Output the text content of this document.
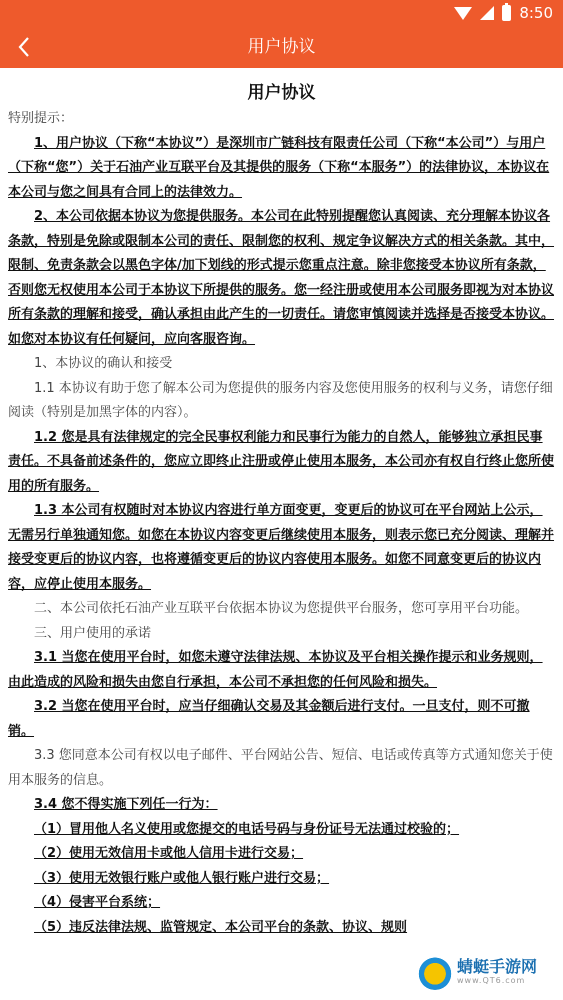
8:50
用户协议
用户协议

特别提示：

1、用户协议（下称“本协议”）是深圳市广链科技有限责任公司（下称“本公司”）与用户（下称“您”）关于石油产业互联平台及其提供的服务（下称“本服务”）的法律协议，本协议在本公司与您之间具有合同上的法律效力。

2、本公司依据本协议为您提供服务。本公司在此特别提醒您认真阅读、充分理解本协议各条款，特别是免除或限制本公司的责任、限制您的权利、规定争议解决方式的相关条款。其中，限制、免责条款会以黑色字体/加下划线的形式提示您重点注意。除非您接受本协议所有条款，否则您无权使用本公司于本协议下所提供的服务。您一经注册或使用本公司服务即视为对本协议所有条款的理解和接受，确认承担由此产生的一切责任。请您审慎阅读并选择是否接受本协议。如您对本协议有任何疑问，应向客服咨询。

1、本协议的确认和接受

1.1 本协议有助于您了解本公司为您提供的服务内容及您使用服务的权利与义务，请您仔细阅读（特别是加黑字体的内容）。

1.2 您是具有法律规定的完全民事权利能力和民事行为能力的自然人，能够独立承担民事责任。不具备前述条件的，您应立即终止注册或停止使用本服务，本公司亦有权自行终止您所使用的所有服务。

1.3 本公司有权随时对本协议内容进行单方面变更，变更后的协议可在平台网站上公示，无需另行单独通知您。如您在本协议内容变更后继续使用本服务，则表示您已充分阅读、理解并接受变更后的协议内容，也将遵循变更后的协议内容使用本服务。如您不同意变更后的协议内容，应停止使用本服务。

二、本公司依托石油产业互联平台依据本协议为您提供平台服务，您可享用平台功能。

三、用户使用的承诺

3.1 当您在使用平台时，如您未遵守法律法规、本协议及平台相关操作提示和业务规则，由此造成的风险和损失由您自行承担，本公司不承担您的任何风险和损失。

3.2 当您在使用平台时，应当仔细确认交易及其金额后进行支付。一旦支付，则不可撤销。

3.3 您同意本公司有权以电子邮件、平台网站公告、短信、电话或传真等方式通知您关于使用本服务的信息。

3.4 您不得实施下列任一行为：

（1）冒用他人名义使用或您提交的电话号码与身份证号无法通过校验的；

（2）使用无效信用卡或他人信用卡进行交易；

（3）使用无效银行账户或他人银行账户进行交易；

（4）侵害平台系统；

（5）违反法律法规、监管规定、本公司平台的条款、协议、规则

蜻蜓手游网
www.QT6.com
